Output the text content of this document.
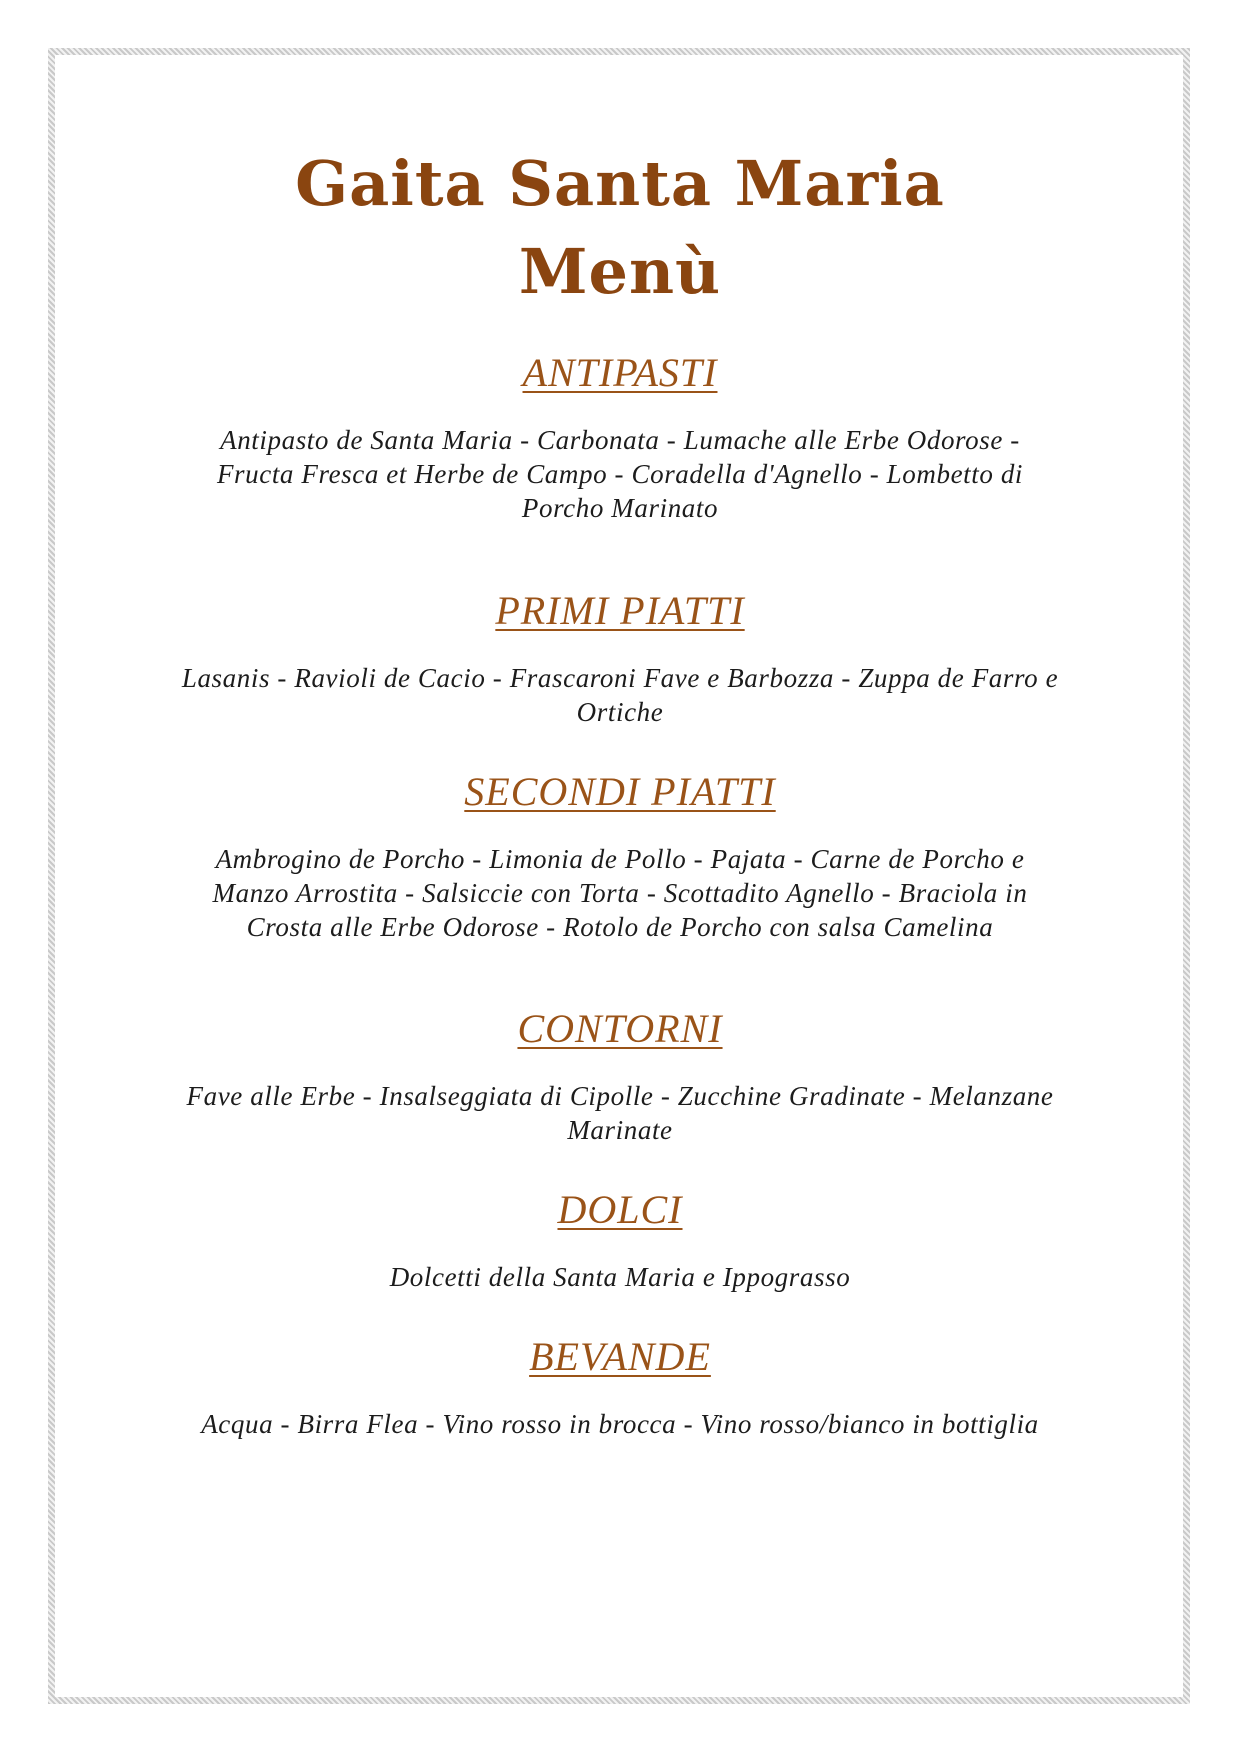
Gaita Santa Maria
Menù
ANTIPASTI

Antipasto de Santa Maria - Carbonata - Lumache alle Erbe Odorose - Fructa Fresca et Herbe de Campo - Coradella d'Agnello - Lombetto di Porcho Marinato

PRIMI PIATTI

Lasanis - Ravioli de Cacio - Frascaroni Fave e Barbozza - Zuppa de Farro e Ortiche

SECONDI PIATTI

Ambrogino de Porcho - Limonia de Pollo - Pajata - Carne de Porcho e Manzo Arrostita - Salsiccie con Torta - Scottadito Agnello - Braciola in Crosta alle Erbe Odorose - Rotolo de Porcho con salsa Camelina

CONTORNI

Fave alle Erbe - Insalseggiata di Cipolle - Zucchine Gradinate - Melanzane Marinate

DOLCI

Dolcetti della Santa Maria e Ippograsso

BEVANDE

Acqua - Birra Flea - Vino rosso in brocca - Vino rosso/bianco in bottiglia
